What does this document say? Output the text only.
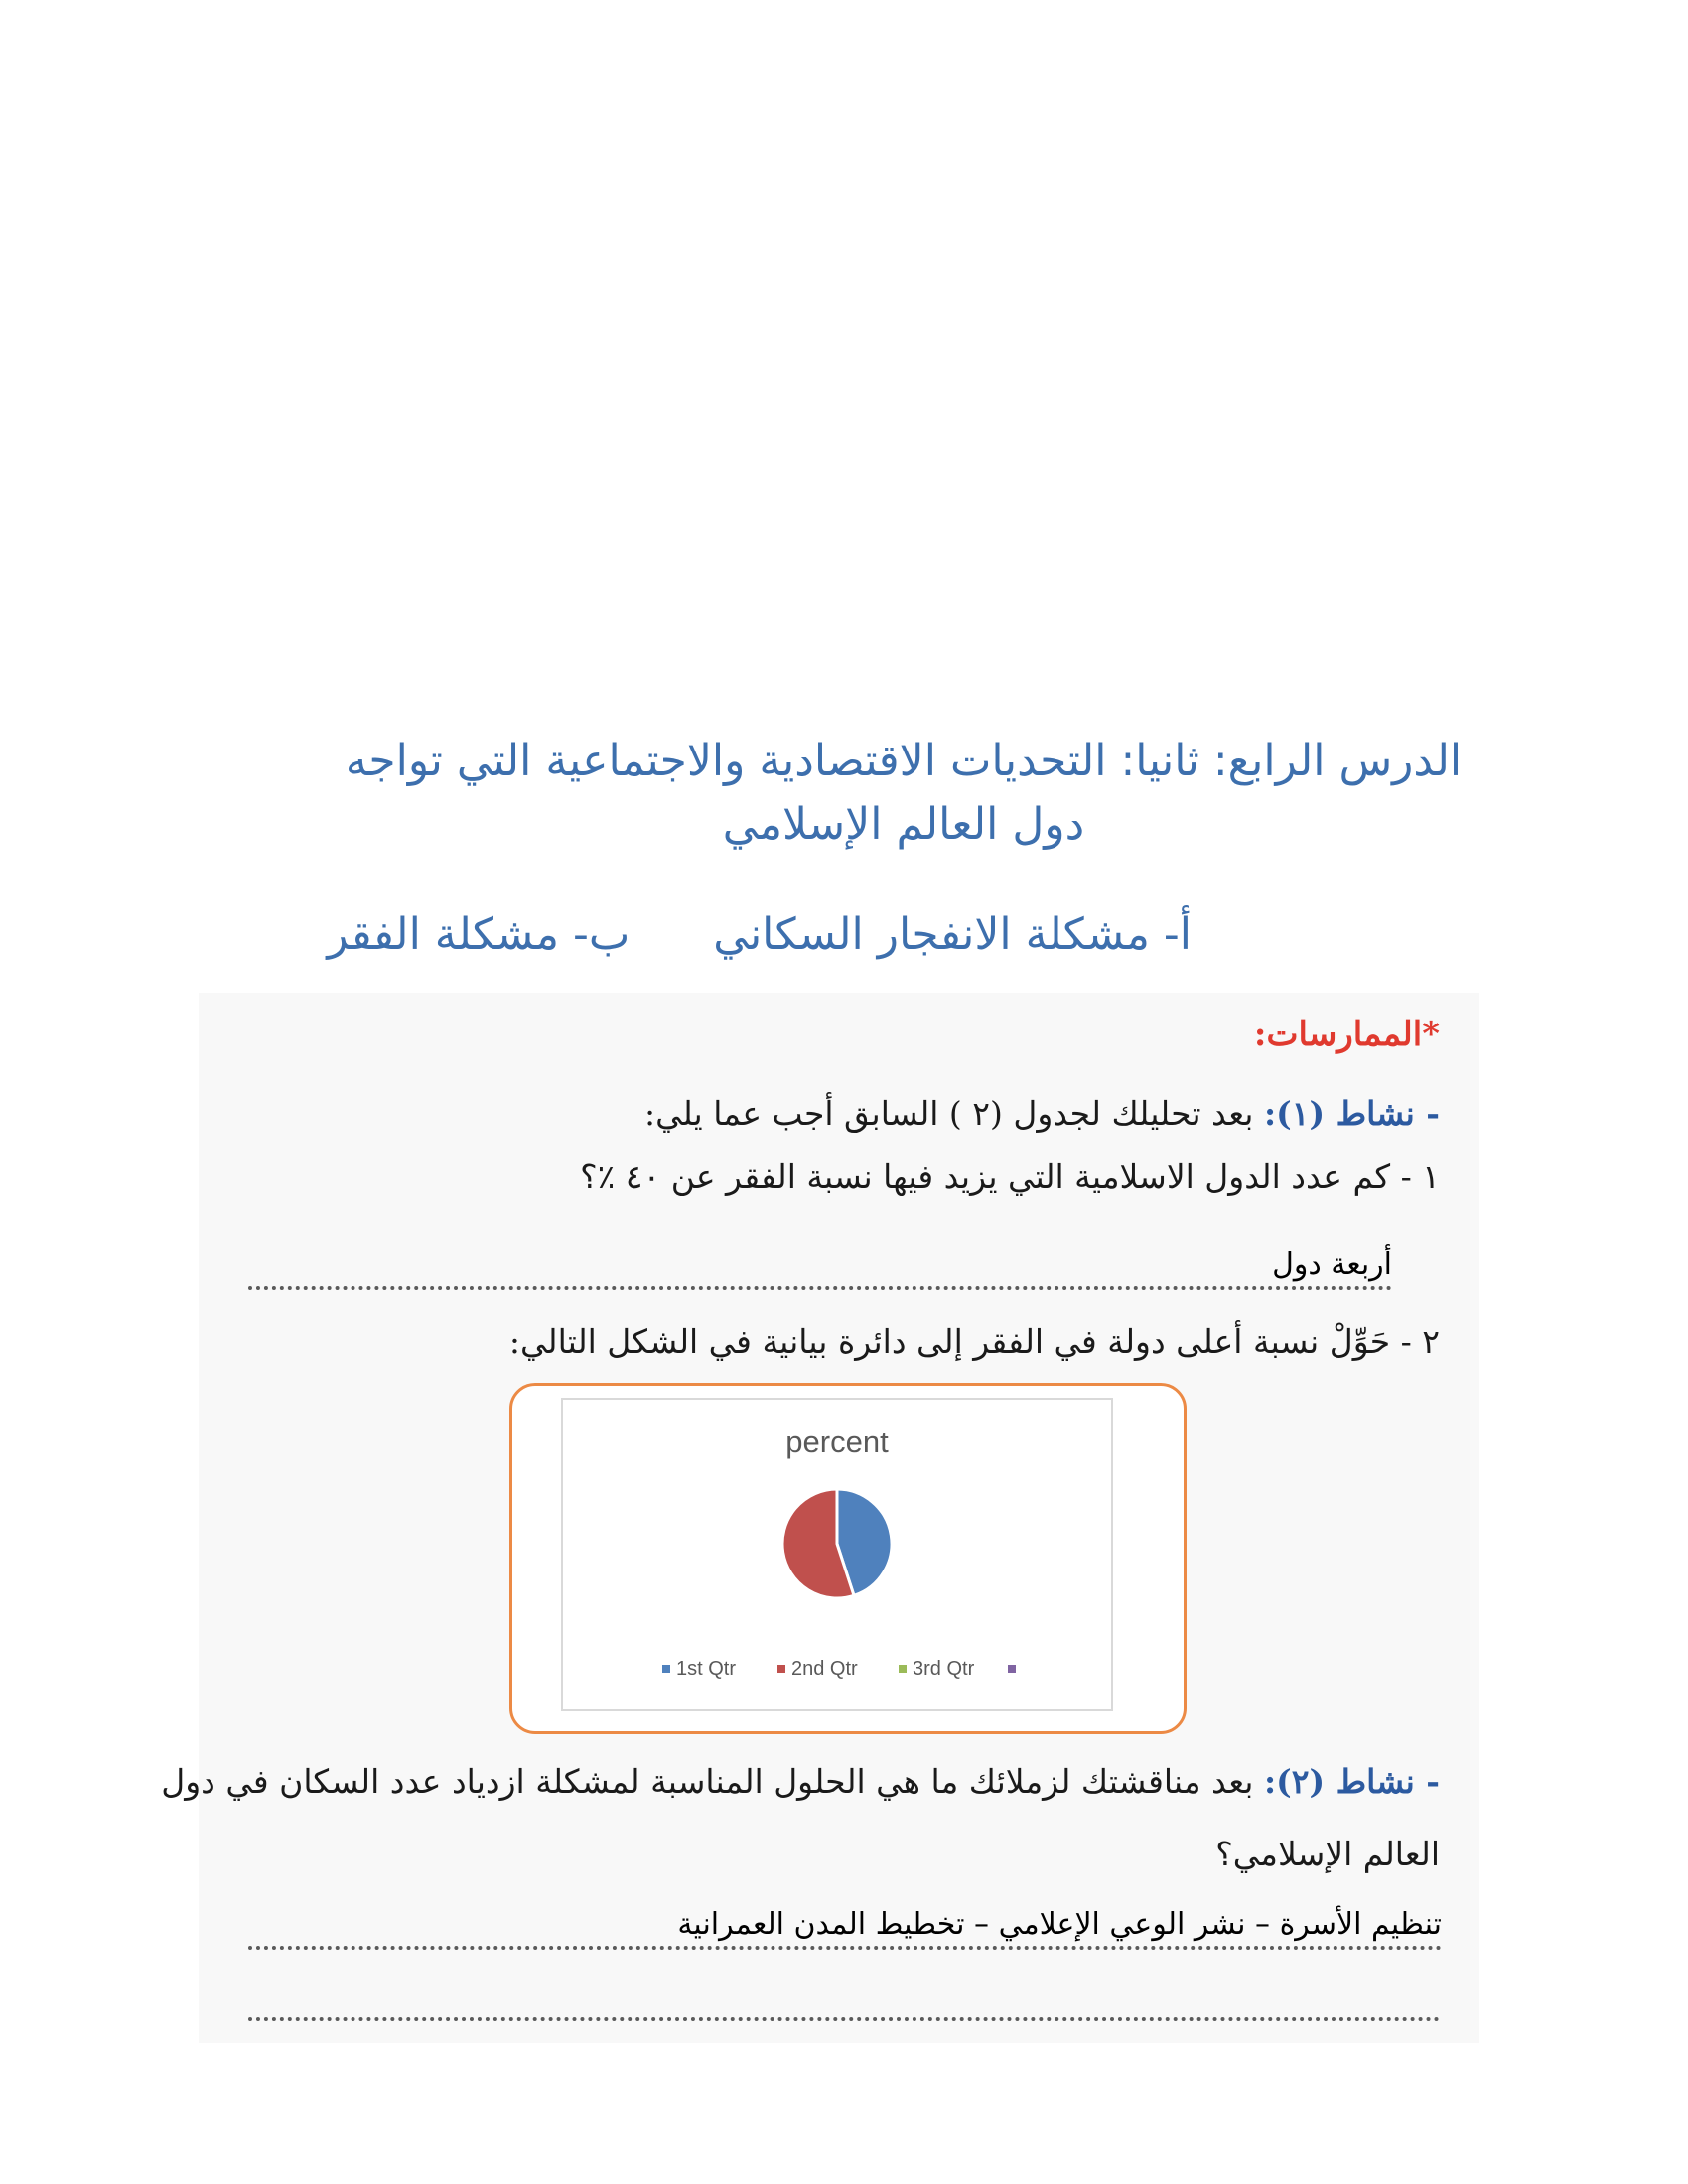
الدرس الرابع: ثانيا: التحديات الاقتصادية والاجتماعية التي تواجه دول العالم الإسلامي
أ- مشكلة الانفجار السكاني      ب- مشكلة الفقر
*الممارسات:
- نشاط (١): بعد تحليلك لجدول (٢ ) السابق أجب عما يلي:
١ - كم عدد الدول الاسلامية التي يزيد فيها نسبة الفقر عن ٤٠ ٪؟
أربعة دول
٢ - حَوِّلْ نسبة أعلى دولة في الفقر إلى دائرة بيانية في الشكل التالي:
- نشاط (٢): بعد مناقشتك لزملائك ما هي الحلول المناسبة لمشكلة ازدياد عدد السكان في دول
العالم الإسلامي؟
تنظيم الأسرة – نشر الوعي الإعلامي – تخطيط المدن العمرانية
percent
1st Qtr	2nd Qtr	3rd Qtr
